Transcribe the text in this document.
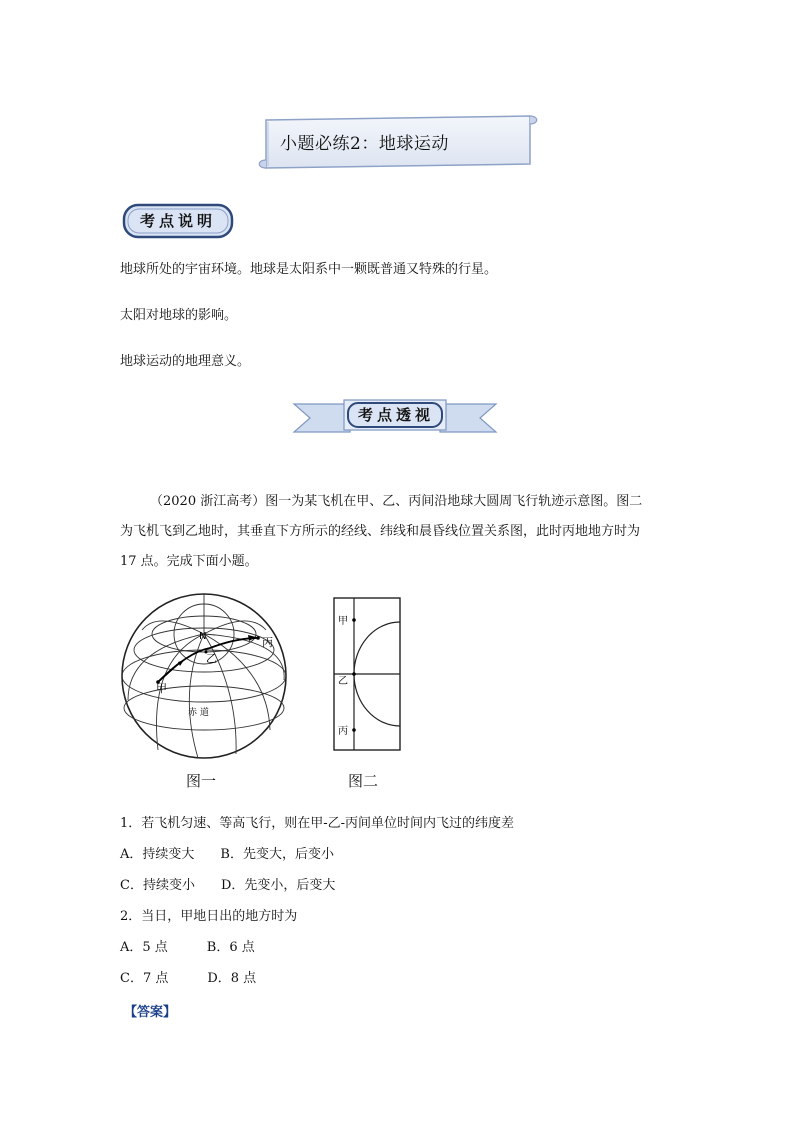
小题必练2：地球运动
考点说明
地球所处的宇宙环境。地球是太阳系中一颗既普通又特殊的行星。
太阳对地球的影响。
地球运动的地理意义。
考点透视
（2020 浙江高考）图一为某飞机在甲、乙、丙间沿地球大圆周飞行轨迹示意图。图二
为飞机飞到乙地时，其垂直下方所示的经线、纬线和晨昏线位置关系图，此时丙地地方时为
17 点。完成下面小题。
N
甲
乙
丙
赤 道
图一
甲
乙
丙
图二
1．若飞机匀速、等高飞行，则在甲-乙-丙间单位时间内飞过的纬度差
A．持续变大　　B．先变大，后变小
C．持续变小　　D．先变小，后变大
2．当日，甲地日出的地方时为
A．5 点　　　B．6 点
C．7 点　　　D．8 点
【答案】
